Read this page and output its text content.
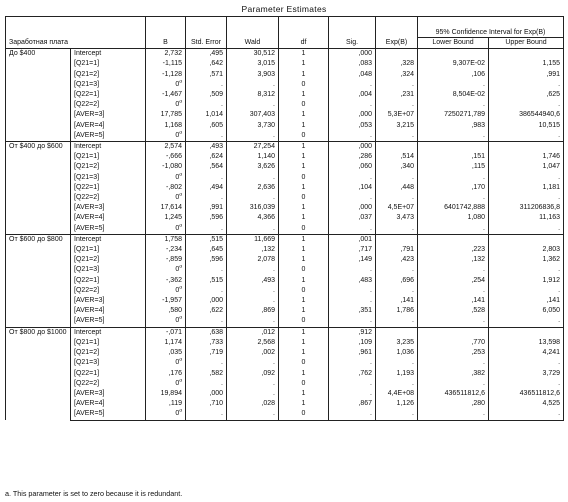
Parameter Estimates
Заработная плата		B	Std. Error	Wald	df	Sig.	Exp(B)	95% Confidence Interval for Exp(B)	
								Lower Bound	Upper Bound
До $400	Intercept	2,732	,495	30,512	1	,000			
	[Q21=1]	-1,115	,642	3,015	1	,083	,328	9,307E-02	1,155
	[Q21=2]	-1,128	,571	3,903	1	,048	,324	,106	,991
	[Q21=3]	0$^a$	.	.	0	.	.	.	.
	[Q22=1]	-1,467	,509	8,312	1	,004	,231	8,504E-02	,625
	[Q22=2]	0$^a$	.	.	0	.	.	.	.
	[AVER=3]	17,785	1,014	307,403	1	,000	5,3E+07	7250271,789	386544940,6
	[AVER=4]	1,168	,605	3,730	1	,053	3,215	,983	10,515
	[AVER=5]	0$^a$	.	.	0	.	.	.	.
От $400 до $600	Intercept	2,574	,493	27,254	1	,000			
	[Q21=1]	-,666	,624	1,140	1	,286	,514	,151	1,746
	[Q21=2]	-1,080	,564	3,626	1	,060	,340	,115	1,047
	[Q21=3]	0$^a$	.	.	0	.	.	.	.
	[Q22=1]	-,802	,494	2,636	1	,104	,448	,170	1,181
	[Q22=2]	0$^a$	.	.	0	.	.	.	.
	[AVER=3]	17,614	,991	316,039	1	,000	4,5E+07	6401742,888	311206836,8
	[AVER=4]	1,245	,596	4,366	1	,037	3,473	1,080	11,163
	[AVER=5]	0$^a$	.	.	0	.	.	.	.
От $600 до $800	Intercept	1,758	,515	11,669	1	,001			
	[Q21=1]	-,234	,645	,132	1	,717	,791	,223	2,803
	[Q21=2]	-,859	,596	2,078	1	,149	,423	,132	1,362
	[Q21=3]	0$^a$	.	.	0	.	.	.	.
	[Q22=1]	-,362	,515	,493	1	,483	,696	,254	1,912
	[Q22=2]	0$^a$	.	.	0	.	.	.	.
	[AVER=3]	-1,957	,000	.	1	.	,141	,141	,141
	[AVER=4]	,580	,622	,869	1	,351	1,786	,528	6,050
	[AVER=5]	0$^a$	.	.	0	.	.	.	.
От $800 до $1000	Intercept	-,071	,638	,012	1	,912			
	[Q21=1]	1,174	,733	2,568	1	,109	3,235	,770	13,598
	[Q21=2]	,035	,719	,002	1	,961	1,036	,253	4,241
	[Q21=3]	0$^a$	.	.	0	.	.	.	.
	[Q22=1]	,176	,582	,092	1	,762	1,193	,382	3,729
	[Q22=2]	0$^a$	.	.	0	.	.	.	.
	[AVER=3]	19,894	,000	.	1	.	4,4E+08	436511812,6	436511812,6
	[AVER=4]	,119	,710	,028	1	,867	1,126	,280	4,525
	[AVER=5]	0$^a$	.	.	0	.	.	.	.
a. This parameter is set to zero because it is redundant.
